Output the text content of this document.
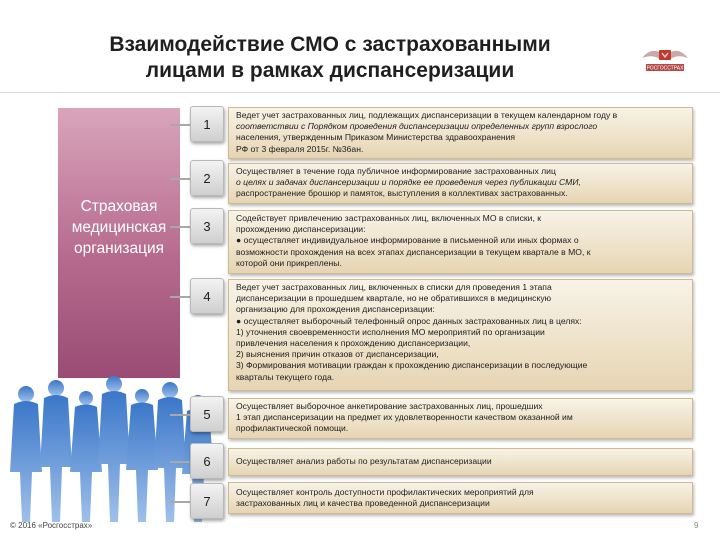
Взаимодействие СМО с застрахованными
лицами в рамках диспансеризации	РОСГОССТРАХ
Страховая
медицинская
организация
1
Ведет учет застрахованных лиц, подлежащих диспансеризации в текущем календарном году в
соответствии с Порядком проведения диспансеризации определенных групп взрослого
населения, утвержденным Приказом Министерства здравоохранения
РФ от 3 февраля 2015г. №36ан.
2	Осуществляет в течение года публичное информирование застрахованных лиц
о целях и задачах диспансеризации и порядке ее проведения через публикации СМИ,
распространение брошюр и памяток, выступления в коллективах застрахованных.
3
Содействует привлечению застрахованных лиц, включенных МО в списки, к
прохождению диспансеризации:
● осуществляет индивидуальное информирование в письменной или иных формах о
возможности прохождения на всех этапах диспансеризации в текущем квартале в МО, к
которой они прикреплены.
4
Ведет учет застрахованных лиц, включенных в списки для проведения 1 этапа
диспансеризации в прошедшем квартале, но не обратившихся в медицинскую
организацию для прохождения диспансеризации:
● осуществляет выборочный телефонный опрос данных застрахованных лиц в целях:
1) уточнения своевременности исполнения МО мероприятий по организации
привлечения населения к прохождению диспансеризации,
2) выяснения причин отказов от диспансеризации,
3) Формирования мотивации граждан к прохождению диспансеризации в последующие
кварталы текущего года.
5
Осуществляет выборочное анкетирование застрахованных лиц, прошедших
1 этап диспансеризации на предмет их удовлетворенности качеством оказанной им
профилактической помощи.
6	Осуществляет анализ работы по результатам диспансеризации
7
Осуществляет контроль доступности профилактических мероприятий для
застрахованных лиц и качества проведенной диспансеризации
© 2016 «Росгосстрах»	9
